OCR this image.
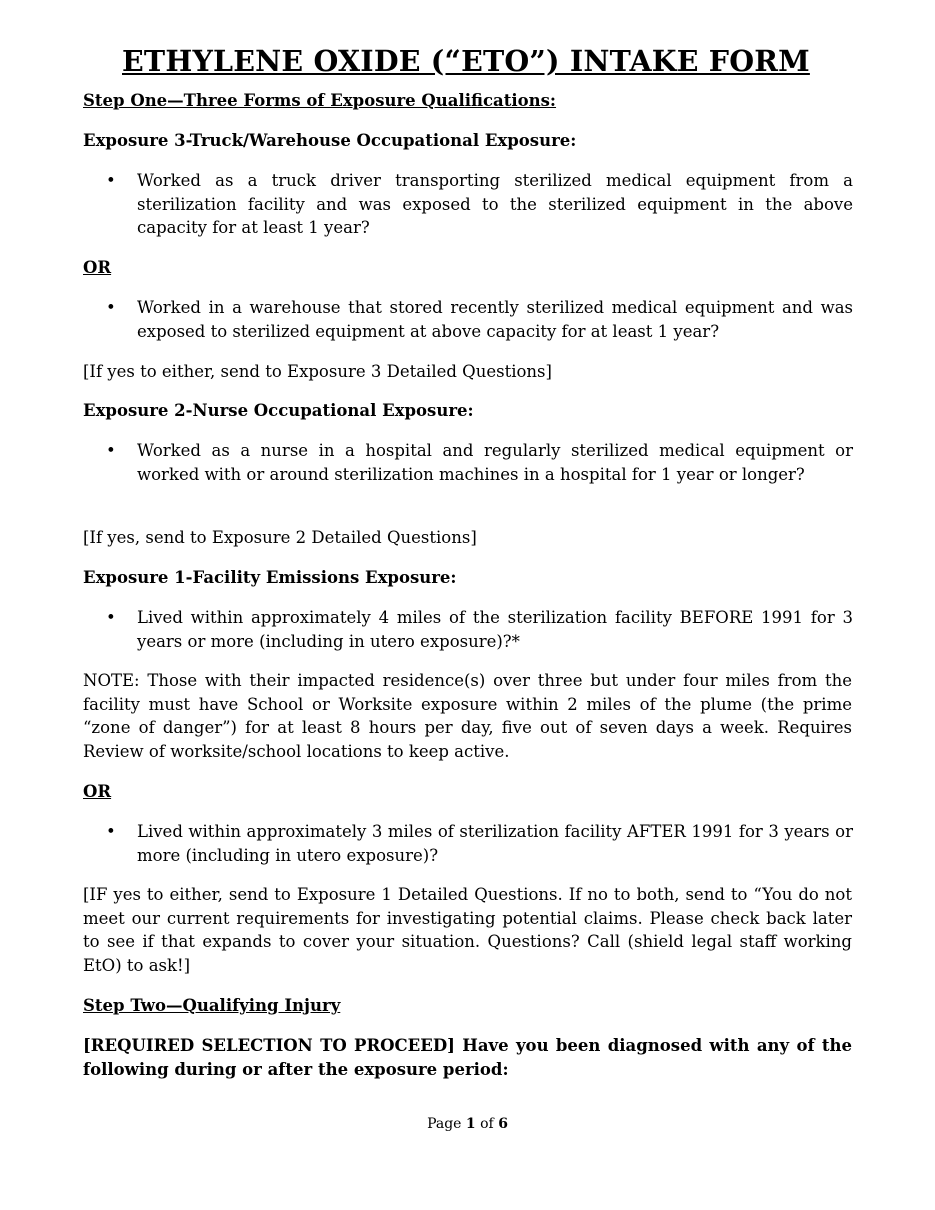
ETHYLENE OXIDE (“ETO”) INTAKE FORM
Step One—Three Forms of Exposure Qualifications:
Exposure 3-Truck/Warehouse Occupational Exposure:
• Worked as a truck driver transporting sterilized medical equipment from a sterilization facility and was exposed to the sterilized equipment in the above capacity for at least 1 year?
OR
• Worked in a warehouse that stored recently sterilized medical equipment and was exposed to sterilized equipment at above capacity for at least 1 year?
[If yes to either, send to Exposure 3 Detailed Questions]
Exposure 2-Nurse Occupational Exposure:
• Worked as a nurse in a hospital and regularly sterilized medical equipment or worked with or around sterilization machines in a hospital for 1 year or longer?
[If yes, send to Exposure 2 Detailed Questions]
Exposure 1-Facility Emissions Exposure:
• Lived within approximately 4 miles of the sterilization facility BEFORE 1991 for 3 years or more (including in utero exposure)?*
NOTE: Those with their impacted residence(s) over three but under four miles from the facility must have School or Worksite exposure within 2 miles of the plume (the prime “zone of danger”) for at least 8 hours per day, five out of seven days a week. Requires Review of worksite/school locations to keep active.
OR
• Lived within approximately 3 miles of sterilization facility AFTER 1991 for 3 years or more (including in utero exposure)?
[IF yes to either, send to Exposure 1 Detailed Questions. If no to both, send to “You do not meet our current requirements for investigating potential claims. Please check back later to see if that expands to cover your situation. Questions? Call (shield legal staff working EtO) to ask!]
Step Two—Qualifying Injury
[REQUIRED SELECTION TO PROCEED] Have you been diagnosed with any of the following during or after the exposure period:
Page 1 of 6
